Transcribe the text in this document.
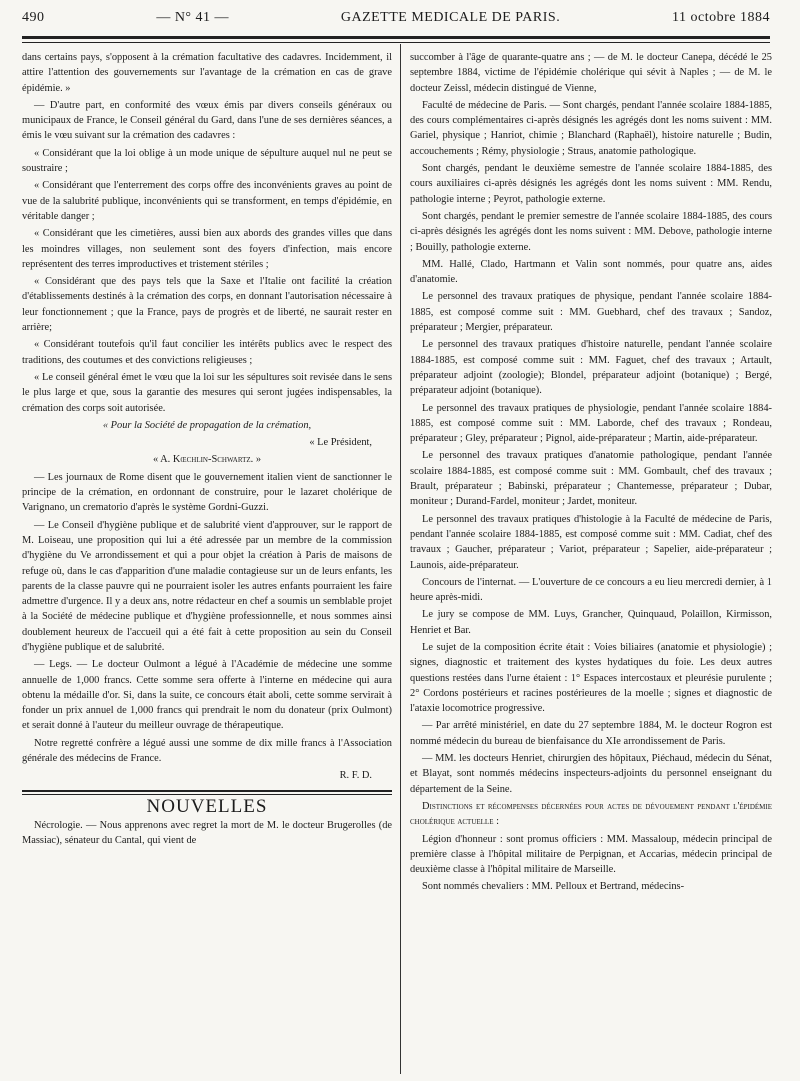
490	— N° 41 —	GAZETTE MEDICALE DE PARIS.	11 octobre 1884

dans certains pays, s'opposent à la crémation facultative des cadavres. Incidemment, il attire l'attention des gouvernements sur l'avantage de la crémation en cas de grave épidémie. »

— D'autre part, en conformité des vœux émis par divers conseils généraux ou municipaux de France, le Conseil général du Gard, dans l'une de ses dernières séances, a émis le vœu suivant sur la crémation des cadavres :

« Considérant que la loi oblige à un mode unique de sépulture auquel nul ne peut se soustraire ;

« Considérant que l'enterrement des corps offre des inconvénients graves au point de vue de la salubrité publique, inconvénients qui se transforment, en temps d'épidémie, en véritable danger ;

« Considérant que les cimetières, aussi bien aux abords des grandes villes que dans les moindres villages, non seulement sont des foyers d'infection, mais encore représentent des terres improductives et tristement stériles ;

« Considérant que des pays tels que la Saxe et l'Italie ont facilité la création d'établissements destinés à la crémation des corps, en donnant l'autorisation nécessaire à leur fonctionnement ; que la France, pays de progrès et de liberté, ne saurait rester en arrière;

« Considérant toutefois qu'il faut concilier les intérêts publics avec le respect des traditions, des coutumes et des convictions religieuses ;

« Le conseil général émet le vœu que la loi sur les sépultures soit revisée dans le sens le plus large et que, sous la garantie des mesures qui seront jugées indispensables, la crémation des corps soit autorisée.

« Pour la Société de propagation de la crémation,

« Le Président,

« A. Kœchlin-Schwartz. »

— Les journaux de Rome disent que le gouvernement italien vient de sanctionner le principe de la crémation, en ordonnant de construire, pour le lazaret cholérique de Varignano, un crematorio d'après le système Gordni-Guzzi.

— Le Conseil d'hygiène publique et de salubrité vient d'approuver, sur le rapport de M. Loiseau, une proposition qui lui a été adressée par un membre de la commission d'hygiène du Ve arrondissement et qui a pour objet la création à Paris de maisons de refuge où, dans le cas d'apparition d'une maladie contagieuse sur un de leurs enfants, les parents de la classe pauvre qui ne pourraient isoler les autres enfants pourraient les faire admettre d'urgence. Il y a deux ans, notre rédacteur en chef a soumis un semblable projet à la Société de médecine publique et d'hygiène professionnelle, et nous sommes ainsi doublement heureux de l'accueil qui a été fait à cette proposition au sein du Conseil d'hygiène publique et de salubrité.

— Legs. — Le docteur Oulmont a légué à l'Académie de médecine une somme annuelle de 1,000 francs. Cette somme sera offerte à l'interne en médecine qui aura obtenu la médaille d'or. Si, dans la suite, ce concours était aboli, cette somme servirait à fonder un prix annuel de 1,000 francs qui prendrait le nom du donateur (prix Oulmont) et serait donné à l'auteur du meilleur ouvrage de thérapeutique.

Notre regretté confrère a légué aussi une somme de dix mille francs à l'Association générale des médecins de France.

R. F. D.

NOUVELLES

Nécrologie. — Nous apprenons avec regret la mort de M. le docteur Brugerolles (de Massiac), sénateur du Cantal, qui vient de

succomber à l'âge de quarante-quatre ans ; — de M. le docteur Canepa, décédé le 25 septembre 1884, victime de l'épidémie cholérique qui sévit à Naples ; — de M. le docteur Zeissl, médecin distingué de Vienne,

Faculté de médecine de Paris. — Sont chargés, pendant l'année scolaire 1884-1885, des cours complémentaires ci-après désignés les agrégés dont les noms suivent : MM. Gariel, physique ; Hanriot, chimie ; Blanchard (Raphaël), histoire naturelle ; Budin, accouchements ; Rémy, physiologie ; Straus, anatomie pathologique.

Sont chargés, pendant le deuxième semestre de l'année scolaire 1884-1885, des cours auxiliaires ci-après désignés les agrégés dont les noms suivent : MM. Rendu, pathologie interne ; Peyrot, pathologie externe.

Sont chargés, pendant le premier semestre de l'année scolaire 1884-1885, des cours ci-après désignés les agrégés dont les noms suivent : MM. Debove, pathologie interne ; Bouilly, pathologie externe.

MM. Hallé, Clado, Hartmann et Valin sont nommés, pour quatre ans, aides d'anatomie.

Le personnel des travaux pratiques de physique, pendant l'année scolaire 1884-1885, est composé comme suit : MM. Guebhard, chef des travaux ; Sandoz, préparateur ; Mergier, préparateur.

Le personnel des travaux pratiques d'histoire naturelle, pendant l'année scolaire 1884-1885, est composé comme suit : MM. Faguet, chef des travaux ; Artault, préparateur adjoint (zoologie); Blondel, préparateur adjoint (botanique) ; Bergé, préparateur adjoint (botanique).

Le personnel des travaux pratiques de physiologie, pendant l'année scolaire 1884-1885, est composé comme suit : MM. Laborde, chef des travaux ; Rondeau, préparateur ; Gley, préparateur ; Pignol, aide-préparateur ; Martin, aide-préparateur.

Le personnel des travaux pratiques d'anatomie pathologique, pendant l'année scolaire 1884-1885, est composé comme suit : MM. Gombault, chef des travaux ; Brault, préparateur ; Babinski, préparateur ; Chantemesse, préparateur ; Dubar, moniteur ; Durand-Fardel, moniteur ; Jardet, moniteur.

Le personnel des travaux pratiques d'histologie à la Faculté de médecine de Paris, pendant l'année scolaire 1884-1885, est composé comme suit : MM. Cadiat, chef des travaux ; Gaucher, préparateur ; Variot, préparateur ; Sapelier, aide-préparateur ; Launois, aide-préparateur.

Concours de l'internat. — L'ouverture de ce concours a eu lieu mercredi dernier, à 1 heure après-midi.

Le jury se compose de MM. Luys, Grancher, Quinquaud, Polaillon, Kirmisson, Henriet et Bar.

Le sujet de la composition écrite était : Voies biliaires (anatomie et physiologie) ; signes, diagnostic et traitement des kystes hydatiques du foie. Les deux autres questions restées dans l'urne étaient : 1° Espaces intercostaux et pleurésie purulente ; 2° Cordons postérieurs et racines postérieures de la moelle ; signes et diagnostic de l'ataxie locomotrice progressive.

— Par arrêté ministériel, en date du 27 septembre 1884, M. le docteur Rogron est nommé médecin du bureau de bienfaisance du XIe arrondissement de Paris.

— MM. les docteurs Henriet, chirurgien des hôpitaux, Piéchaud, médecin du Sénat, et Blayat, sont nommés médecins inspecteurs-adjoints du personnel enseignant du département de la Seine.

Distinctions et récompenses décernées pour actes de dévouement pendant l'épidémie cholérique actuelle :

Légion d'honneur : sont promus officiers : MM. Massaloup, médecin principal de première classe à l'hôpital militaire de Perpignan, et Accarias, médecin principal de deuxième classe à l'hôpital militaire de Marseille.

Sont nommés chevaliers : MM. Pelloux et Bertrand, médecins-
